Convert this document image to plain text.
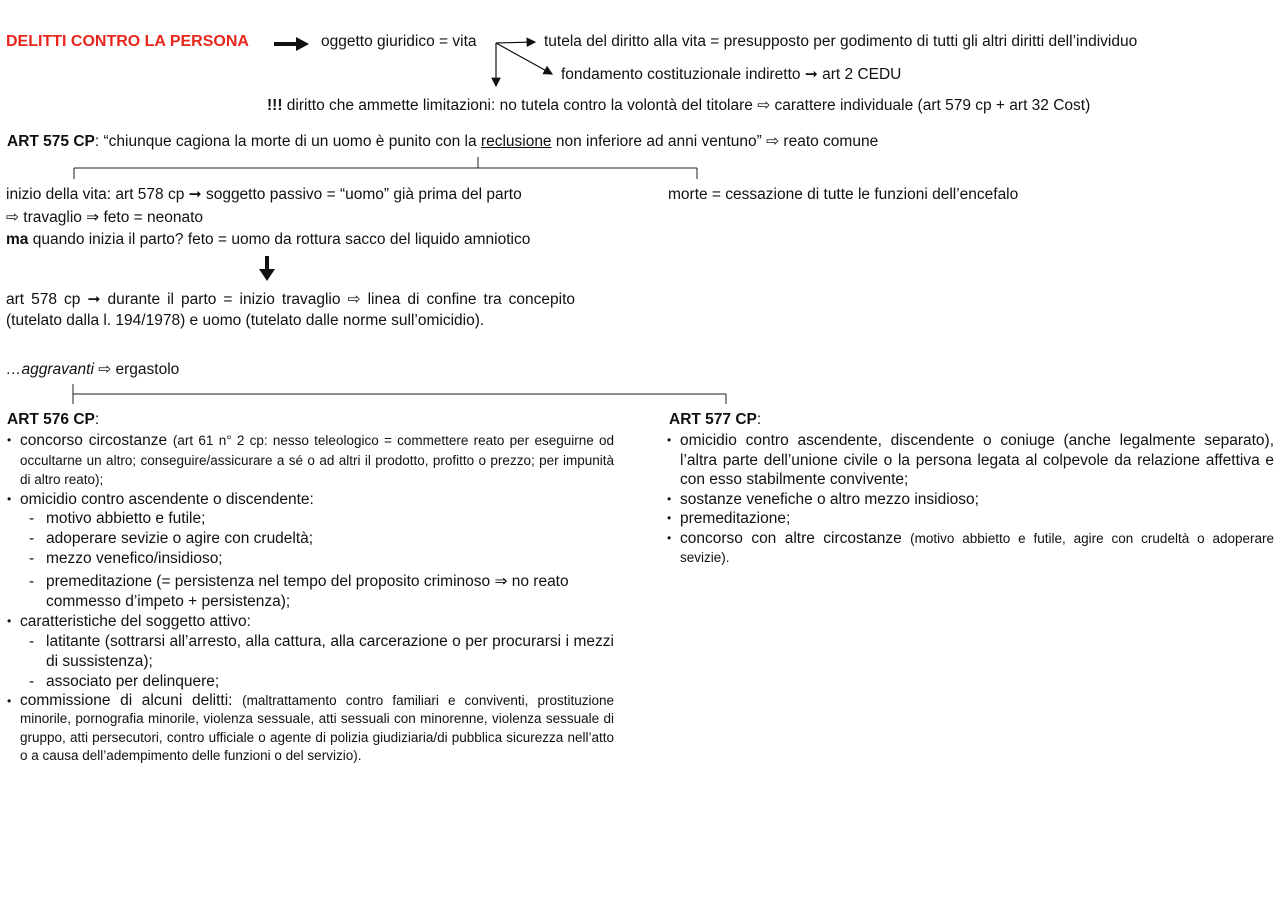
DELITTI CONTRO LA PERSONA	oggetto giuridico = vita	tutela del diritto alla vita = presupposto per godimento di tutti gli altri diritti dell’individuo
fondamento costituzionale indiretto ➞ art 2 CEDU
!!! diritto che ammette limitazioni: no tutela contro la volontà del titolare ⇨ carattere individuale (art 579 cp + art 32 Cost)
ART 575 CP: “chiunque cagiona la morte di un uomo è punito con la reclusione non inferiore ad anni ventuno” ⇨ reato comune
inizio della vita: art 578 cp ➞ soggetto passivo = “uomo” già prima del parto
⇨ travaglio ⇒ feto = neonato
ma quando inizia il parto? feto = uomo da rottura sacco del liquido amniotico
art 578 cp ➞ durante il parto = inizio travaglio ⇨ linea di confine tra concepito (tutelato dalla l. 194/1978) e uomo (tutelato dalle norme sull’omicidio).
…aggravanti ⇨ ergastolo
morte = cessazione di tutte le funzioni dell’encefalo
ART 576 CP:
• concorso circostanze (art 61 n° 2 cp: nesso teleologico = commettere reato per eseguirne od occultarne un altro; conseguire/assicurare a sé o ad altri il prodotto, profitto o prezzo; per impunità di altro reato);
• omicidio contro ascendente o discendente:
- motivo abbietto e futile;
- adoperare sevizie o agire con crudeltà;
- mezzo venefico/insidioso;
- premeditazione (= persistenza nel tempo del proposito criminoso ⇒ no reato commesso d’impeto + persistenza);
• caratteristiche del soggetto attivo:
- latitante (sottrarsi all’arresto, alla cattura, alla carcerazione o per procurarsi i mezzi di sussistenza);
- associato per delinquere;
• commissione di alcuni delitti: (maltrattamento contro familiari e conviventi, prostituzione minorile, pornografia minorile, violenza sessuale, atti sessuali con minorenne, violenza sessuale di gruppo, atti persecutori, contro ufficiale o agente di polizia giudiziaria/di pubblica sicurezza nell’atto o a causa dell’adempimento delle funzioni o del servizio).
ART 577 CP:
• omicidio contro ascendente, discendente o coniuge (anche legalmente separato), l’altra parte dell’unione civile o la persona legata al colpevole da relazione affettiva e con esso stabilmente convivente;
• sostanze venefiche o altro mezzo insidioso;
• premeditazione;
• concorso con altre circostanze (motivo abbietto e futile, agire con crudeltà o adoperare sevizie).
